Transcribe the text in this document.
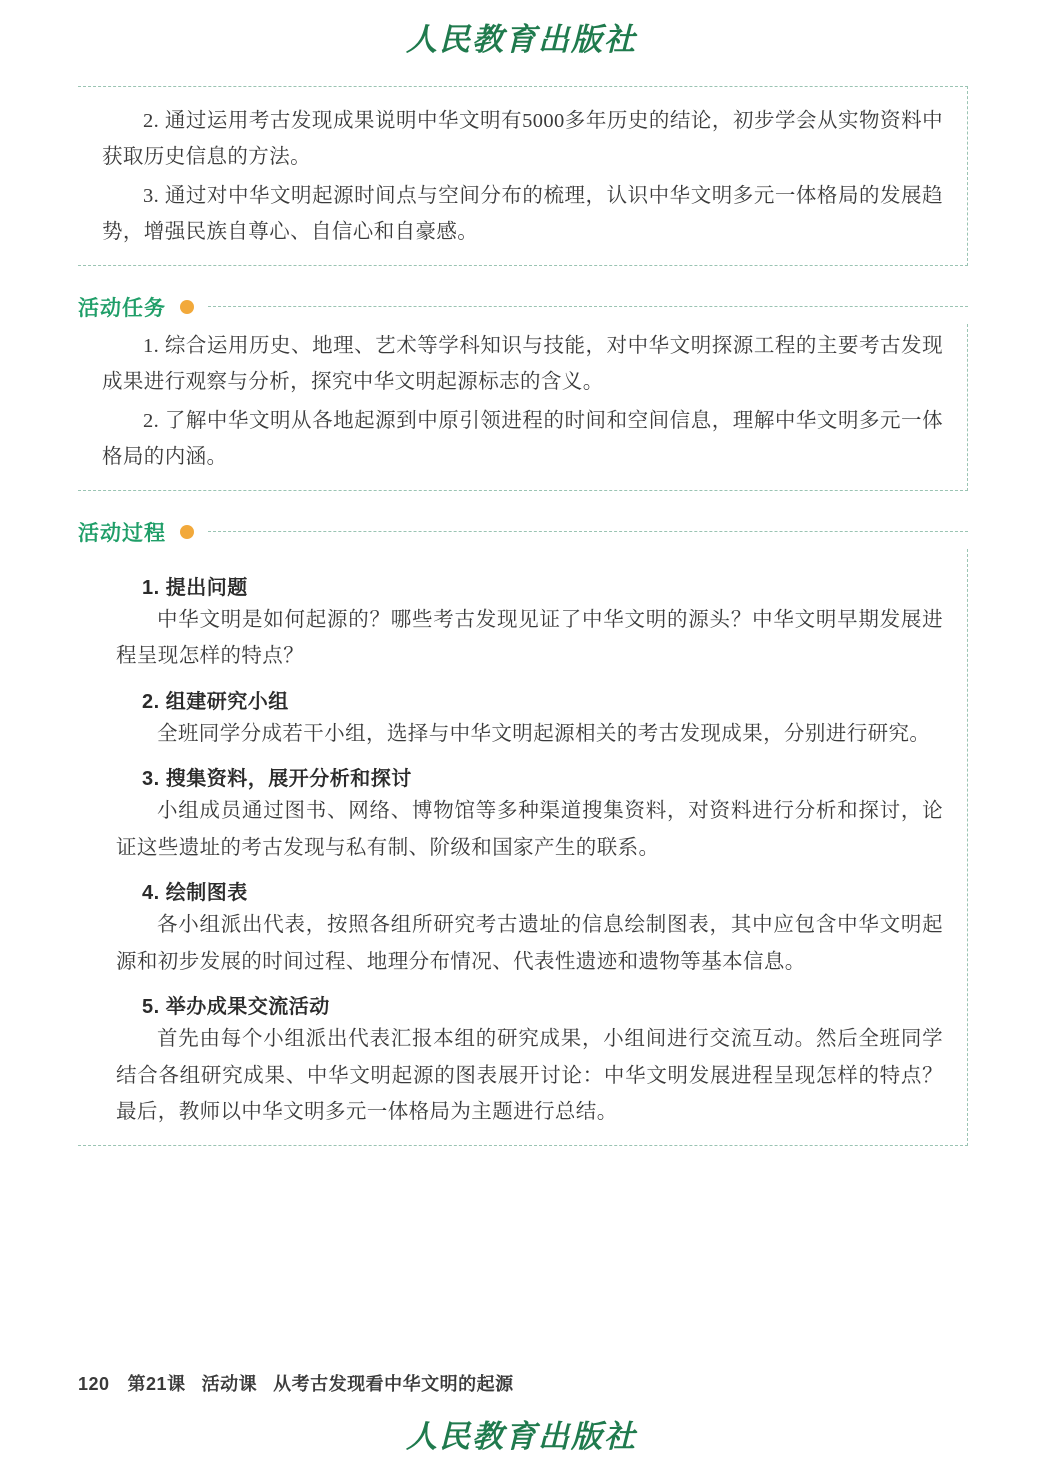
人民教育出版社

2. 通过运用考古发现成果说明中华文明有5000多年历史的结论，初步学会从实物资料中获取历史信息的方法。

3. 通过对中华文明起源时间点与空间分布的梳理，认识中华文明多元一体格局的发展趋势，增强民族自尊心、自信心和自豪感。

活动任务

1. 综合运用历史、地理、艺术等学科知识与技能，对中华文明探源工程的主要考古发现成果进行观察与分析，探究中华文明起源标志的含义。

2. 了解中华文明从各地起源到中原引领进程的时间和空间信息，理解中华文明多元一体格局的内涵。

活动过程
1. 提出问题

中华文明是如何起源的？哪些考古发现见证了中华文明的源头？中华文明早期发展进程呈现怎样的特点？

2. 组建研究小组

全班同学分成若干小组，选择与中华文明起源相关的考古发现成果，分别进行研究。

3. 搜集资料，展开分析和探讨

小组成员通过图书、网络、博物馆等多种渠道搜集资料，对资料进行分析和探讨，论证这些遗址的考古发现与私有制、阶级和国家产生的联系。

4. 绘制图表

各小组派出代表，按照各组所研究考古遗址的信息绘制图表，其中应包含中华文明起源和初步发展的时间过程、地理分布情况、代表性遗迹和遗物等基本信息。

5. 举办成果交流活动

首先由每个小组派出代表汇报本组的研究成果，小组间进行交流互动。然后全班同学结合各组研究成果、中华文明起源的图表展开讨论：中华文明发展进程呈现怎样的特点？最后，教师以中华文明多元一体格局为主题进行总结。

120 第21课 活动课 从考古发现看中华文明的起源
人民教育出版社
